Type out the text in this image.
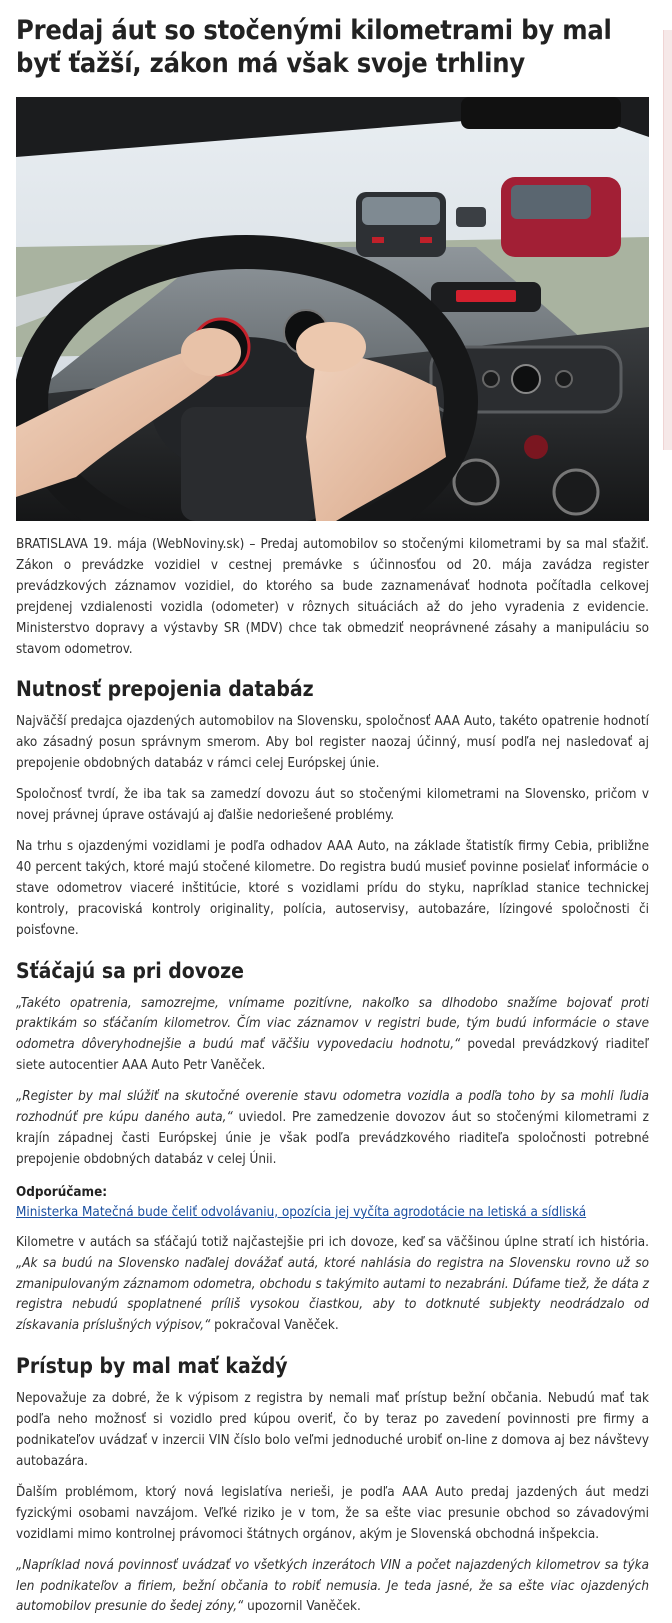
Predaj áut so stočenými kilometrami by mal byť ťažší, zákon má však svoje trhliny

BRATISLAVA 19. mája (WebNoviny.sk) – Predaj automobilov so stočenými kilometrami by sa mal sťažiť. Zákon o prevádzke vozidiel v cestnej premávke s účinnosťou od 20. mája zavádza register prevádzkových záznamov vozidiel, do ktorého sa bude zaznamenávať hodnota počítadla celkovej prejdenej vzdialenosti vozidla (odometer) v rôznych situáciách až do jeho vyradenia z evidencie. Ministerstvo dopravy a výstavby SR (MDV) chce tak obmedziť neoprávnené zásahy a manipuláciu so stavom odometrov.

Nutnosť prepojenia databáz

Najväčší predajca ojazdených automobilov na Slovensku, spoločnosť AAA Auto, takéto opatrenie hodnotí ako zásadný posun správnym smerom. Aby bol register naozaj účinný, musí podľa nej nasledovať aj prepojenie obdobných databáz v rámci celej Európskej únie.

Spoločnosť tvrdí, že iba tak sa zamedzí dovozu áut so stočenými kilometrami na Slovensko, pričom v novej právnej úprave ostávajú aj ďalšie nedoriešené problémy.

Na trhu s ojazdenými vozidlami je podľa odhadov AAA Auto, na základe štatistík firmy Cebia, približne 40 percent takých, ktoré majú stočené kilometre. Do registra budú musieť povinne posielať informácie o stave odometrov viaceré inštitúcie, ktoré s vozidlami prídu do styku, napríklad stanice technickej kontroly, pracoviská kontroly originality, polícia, autoservisy, autobazáre, lízingové spoločnosti či poisťovne.

Sťáčajú sa pri dovoze

„Takéto opatrenia, samozrejme, vnímame pozitívne, nakoľko sa dlhodobo snažíme bojovať proti praktikám so sťáčaním kilometrov. Čím viac záznamov v registri bude, tým budú informácie o stave odometra dôveryhodnejšie a budú mať väčšiu vypovedaciu hodnotu,“ povedal prevádzkový riaditeľ siete autocentier AAA Auto Petr Vaněček.

„Register by mal slúžiť na skutočné overenie stavu odometra vozidla a podľa toho by sa mohli ľudia rozhodnúť pre kúpu daného auta,“ uviedol. Pre zamedzenie dovozov áut so stočenými kilometrami z krajín západnej časti Európskej únie je však podľa prevádzkového riaditeľa spoločnosti potrebné prepojenie obdobných databáz v celej Únii.

Odporúčame:
Ministerka Matečná bude čeliť odvolávaniu, opozícia jej vyčíta agrodotácie na letiská a sídliská

Kilometre v autách sa sťáčajú totiž najčastejšie pri ich dovoze, keď sa väčšinou úplne stratí ich história. „Ak sa budú na Slovensko naďalej dovážať autá, ktoré nahlásia do registra na Slovensku rovno už so zmanipulovaným záznamom odometra, obchodu s takýmito autami to nezabráni. Dúfame tiež, že dáta z registra nebudú spoplatnené príliš vysokou čiastkou, aby to dotknuté subjekty neodrádzalo od získavania príslušných výpisov,“ pokračoval Vaněček.

Prístup by mal mať každý

Nepovažuje za dobré, že k výpisom z registra by nemali mať prístup bežní občania. Nebudú mať tak podľa neho možnosť si vozidlo pred kúpou overiť, čo by teraz po zavedení povinnosti pre firmy a podnikateľov uvádzať v inzercii VIN číslo bolo veľmi jednoduché urobiť on-line z domova aj bez návštevy autobazára.

Ďalším problémom, ktorý nová legislatíva nerieši, je podľa AAA Auto predaj jazdených áut medzi fyzickými osobami navzájom. Veľké riziko je v tom, že sa ešte viac presunie obchod so závadovými vozidlami mimo kontrolnej právomoci štátnych orgánov, akým je Slovenská obchodná inšpekcia.

„Napríklad nová povinnosť uvádzať vo všetkých inzerátoch VIN a počet najazdených kilometrov sa týka len podnikateľov a firiem, bežní občania to robiť nemusia. Je teda jasné, že sa ešte viac ojazdených automobilov presunie do šedej zóny,“ upozornil Vaněček.
